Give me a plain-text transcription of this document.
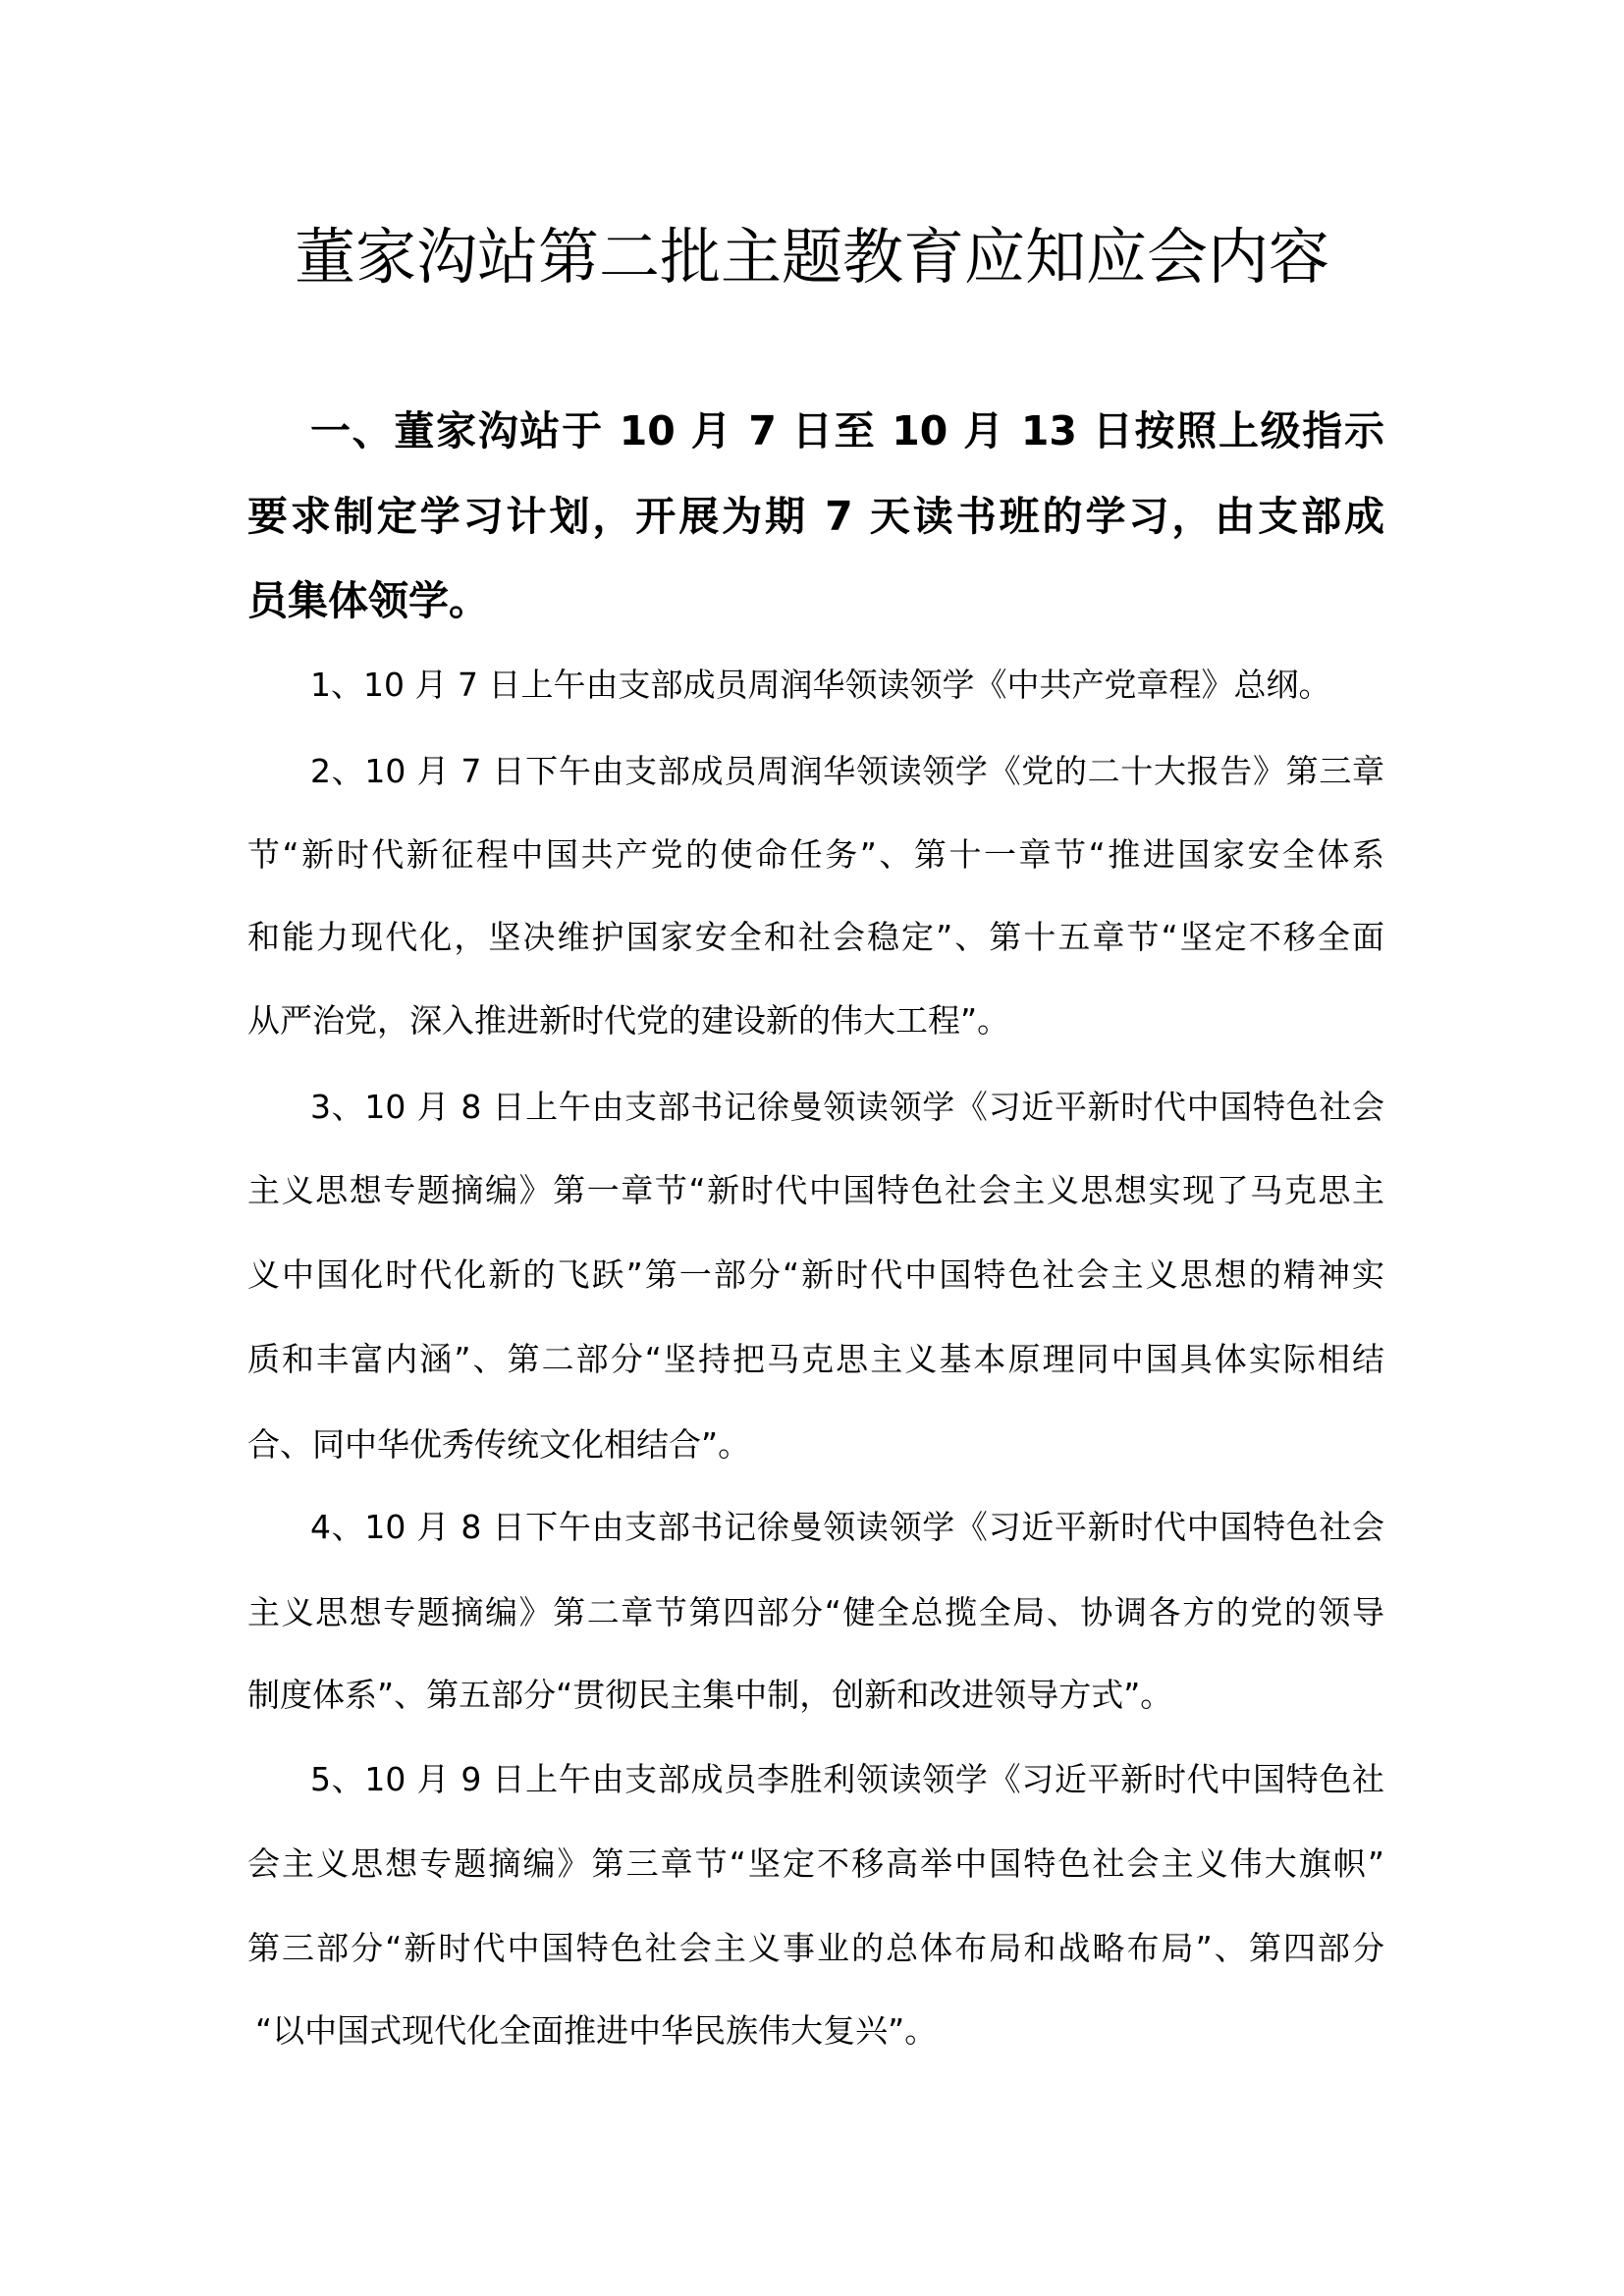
董家沟站第二批主题教育应知应会内容
一、董家沟站于 10 月 7 日至 10 月 13 日按照上级指示
要求制定学习计划，开展为期 7 天读书班的学习，由支部成
员集体领学。
1、10 月 7 日上午由支部成员周润华领读领学《中共产党章程》总纲。
2、10 月 7 日下午由支部成员周润华领读领学《党的二十大报告》第三章
节“新时代新征程中国共产党的使命任务”、第十一章节“推进国家安全体系
和能力现代化，坚决维护国家安全和社会稳定”、第十五章节“坚定不移全面
从严治党，深入推进新时代党的建设新的伟大工程”。
3、10 月 8 日上午由支部书记徐曼领读领学《习近平新时代中国特色社会
主义思想专题摘编》第一章节“新时代中国特色社会主义思想实现了马克思主
义中国化时代化新的飞跃”第一部分“新时代中国特色社会主义思想的精神实
质和丰富内涵”、第二部分“坚持把马克思主义基本原理同中国具体实际相结
合、同中华优秀传统文化相结合”。
4、10 月 8 日下午由支部书记徐曼领读领学《习近平新时代中国特色社会
主义思想专题摘编》第二章节第四部分“健全总揽全局、协调各方的党的领导
制度体系”、第五部分“贯彻民主集中制，创新和改进领导方式”。
5、10 月 9 日上午由支部成员李胜利领读领学《习近平新时代中国特色社
会主义思想专题摘编》第三章节“坚定不移高举中国特色社会主义伟大旗帜”
第三部分“新时代中国特色社会主义事业的总体布局和战略布局”、第四部分
“以中国式现代化全面推进中华民族伟大复兴”。
